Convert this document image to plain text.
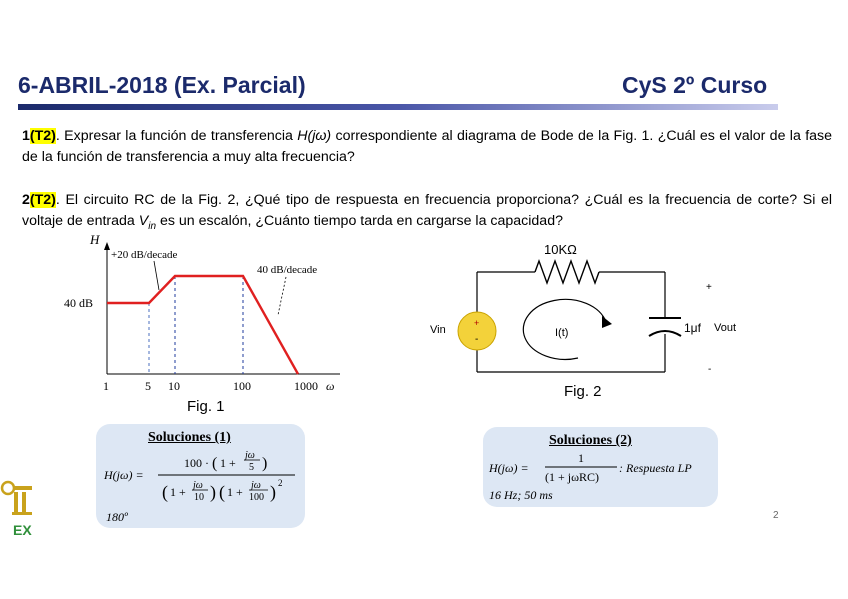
6-ABRIL-2018 (Ex. Parcial)	CyS 2º Curso
1(T2). Expresar la función de transferencia H(jω) correspondiente al diagrama de Bode de la Fig. 1. ¿Cuál es el valor de la fase de la función de transferencia a muy alta frecuencia?
2(T2). El circuito RC de la Fig. 2, ¿Qué tipo de respuesta en frecuencia proporciona? ¿Cuál es la frecuencia de corte? Si el voltaje de entrada $V_{in}$ es un escalón, ¿Cuánto tiempo tarda en cargarse la capacidad?
H
40 dB
+20 dB/decade
40 dB/decade
1	5 10	100	1000 ω
Fig. 1
+
-
Vin	I(t)
10KΩ
1μf Vout
+
-
Fig. 2
Soluciones (1)
H(jω) =
100 · ( 1 +
jω
5 )
( 1 + jω
10 ) ( 1 + jω
100 ) 2
180º
Soluciones (2)
H(jω) =
1
(1 + jωRC)
: Respuesta LP
16 Hz; 50 ms
EX
2
